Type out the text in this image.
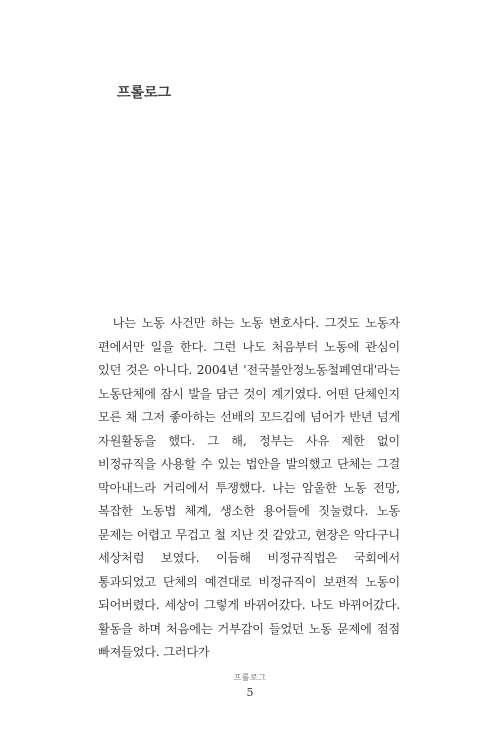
프롤로그

나는 노동 사건만 하는 노동 변호사다. 그것도 노동자 편에서만 일을 한다. 그런 나도 처음부터 노동에 관심이 있던 것은 아니다. 2004년 '전국불안정노동철폐연대'라는 노동단체에 잠시 발을 담근 것이 계기였다. 어떤 단체인지 모른 채 그저 좋아하는 선배의 꼬드김에 넘어가 반년 넘게 자원활동을 했다. 그 해, 정부는 사유 제한 없이 비정규직을 사용할 수 있는 법안을 발의했고 단체는 그걸 막아내느라 거리에서 투쟁했다. 나는 암울한 노동 전망, 복잡한 노동법 체계, 생소한 용어들에 짓눌렸다. 노동 문제는 어렵고 무겁고 철 지난 것 같았고, 현장은 악다구니 세상처럼 보였다. 이듬해 비정규직법은 국회에서 통과되었고 단체의 예견대로 비정규직이 보편적 노동이 되어버렸다. 세상이 그렇게 바뀌어갔다. 나도 바뀌어갔다. 활동을 하며 처음에는 거부감이 들었던 노동 문제에 점점 빠져들었다. 그러다가

프롤로그
5
